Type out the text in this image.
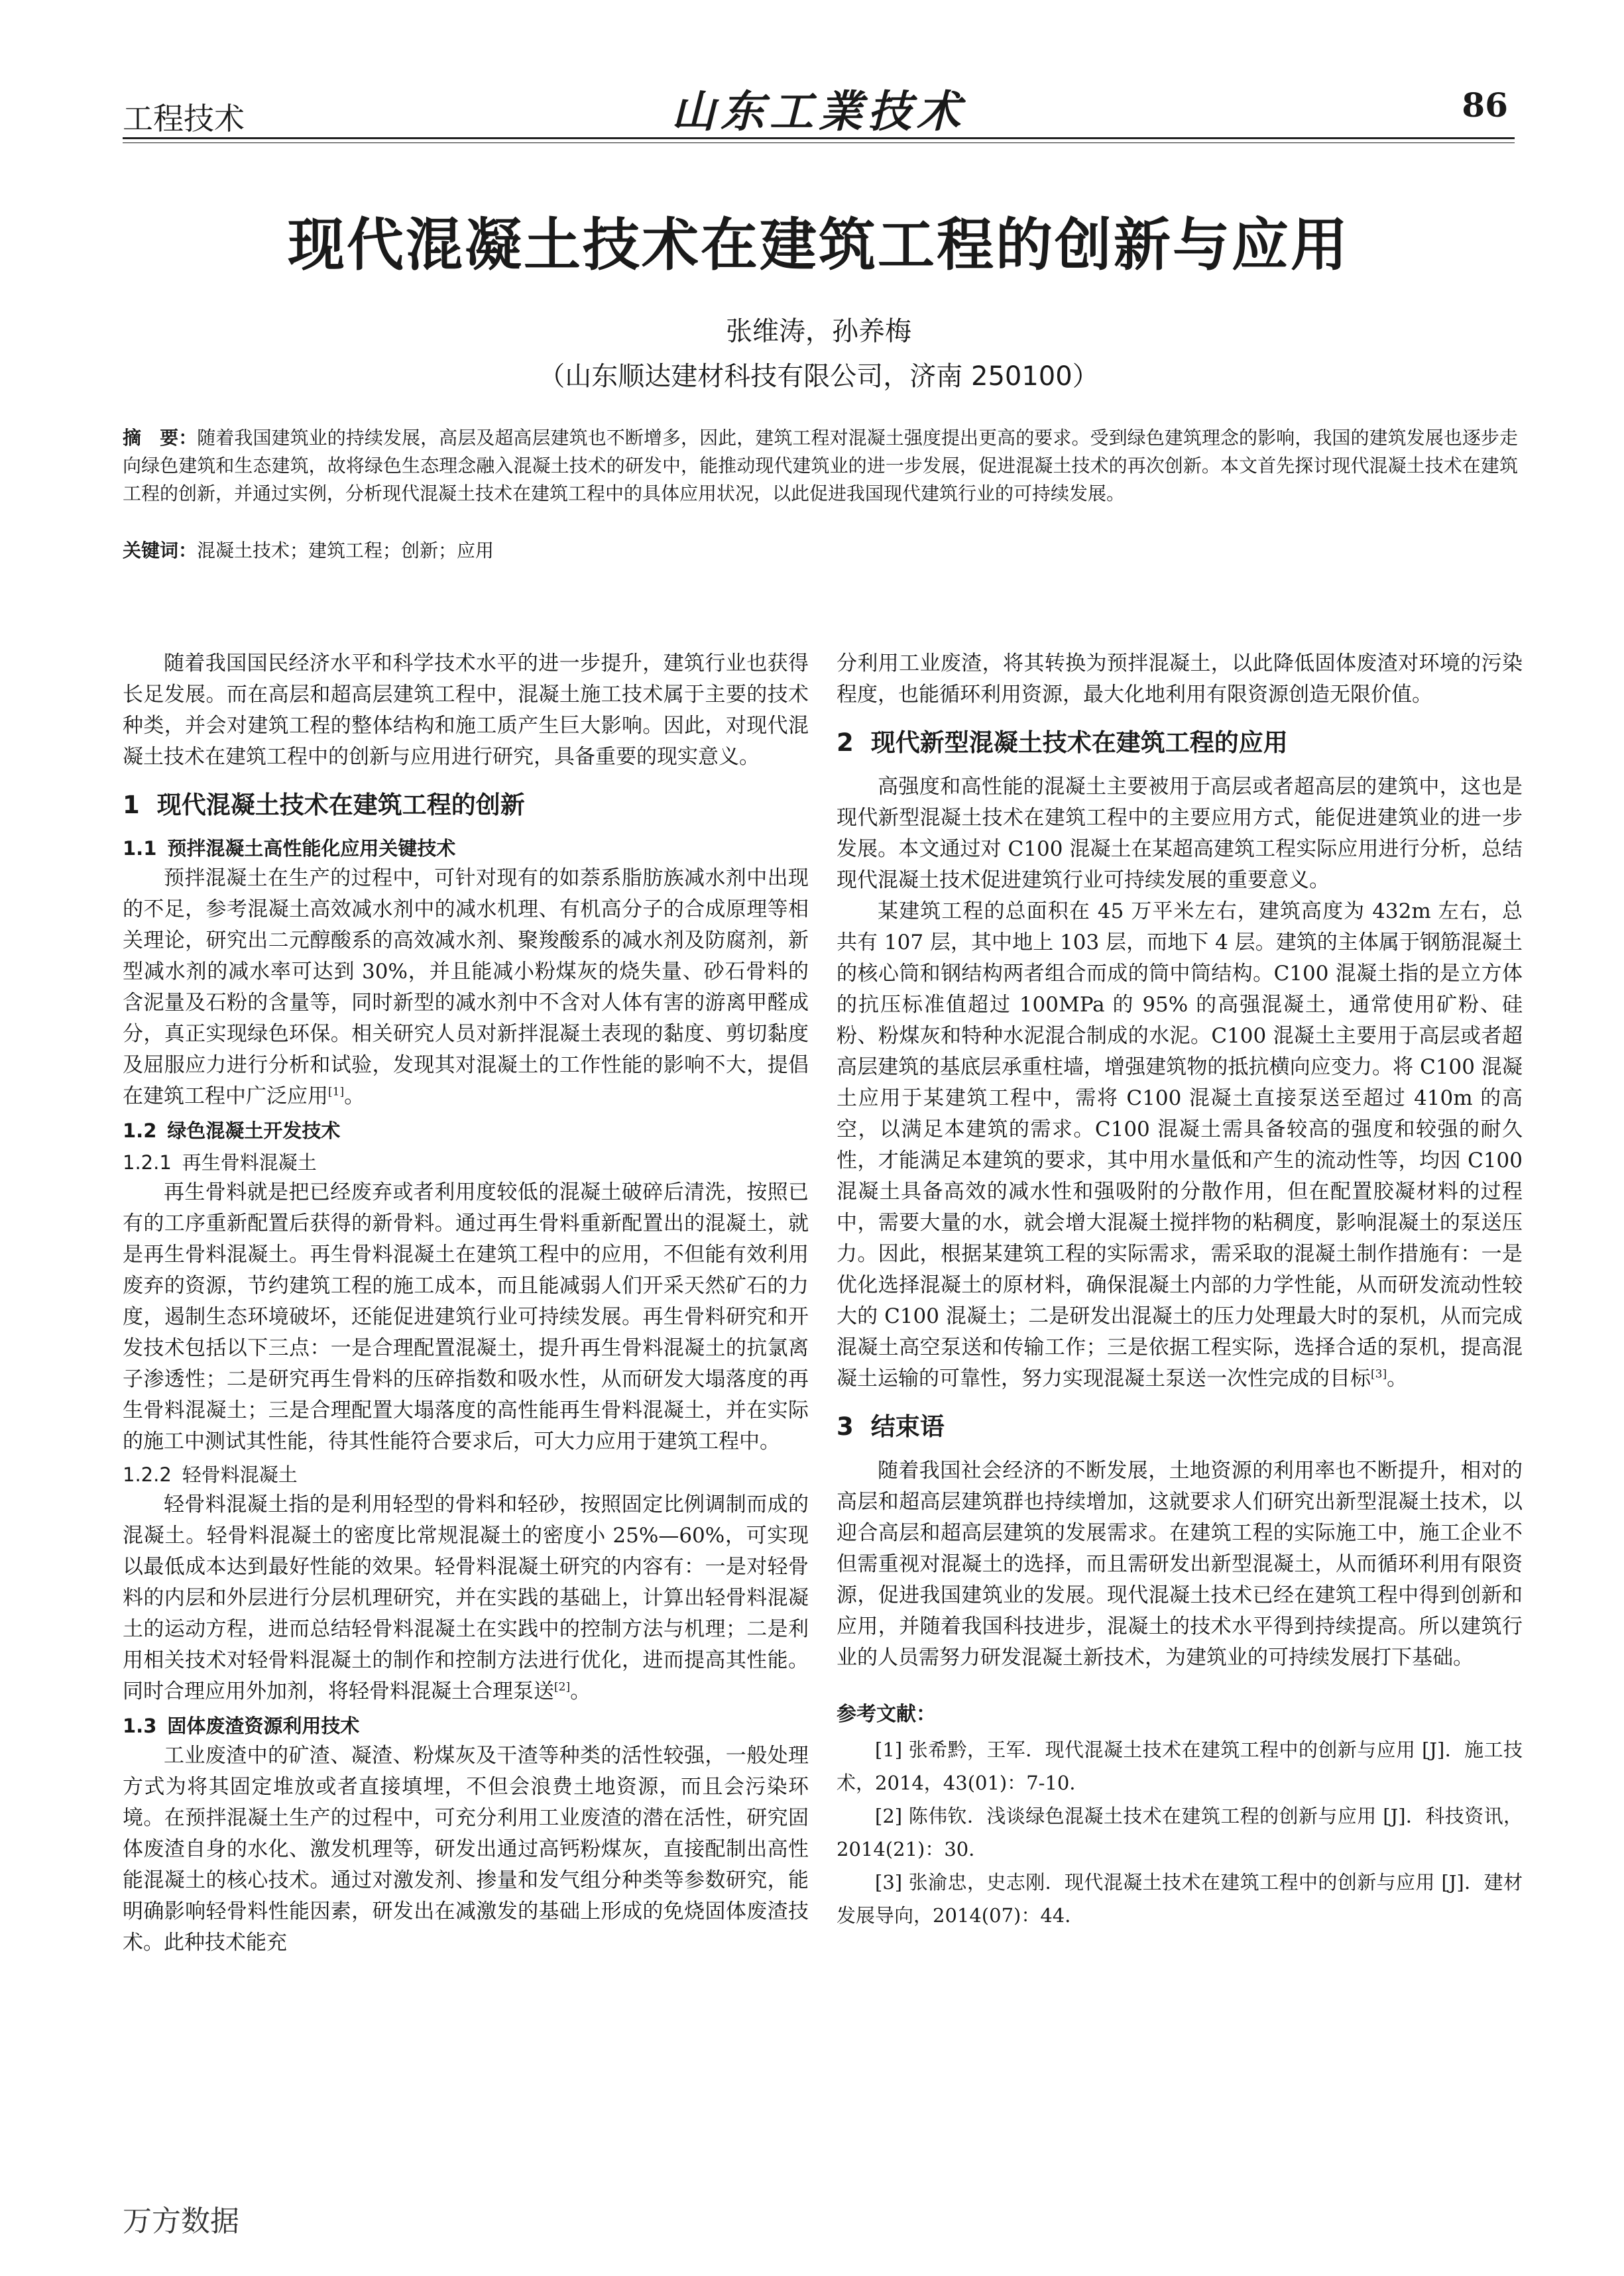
工程技术	山东工業技术	86
现代混凝土技术在建筑工程的创新与应用
张维涛，孙养梅
（山东顺达建材科技有限公司，济南 250100）
摘　要：随着我国建筑业的持续发展，高层及超高层建筑也不断增多，因此，建筑工程对混凝土强度提出更高的要求。受到绿色建筑理念的影响，我国的建筑发展也逐步走向绿色建筑和生态建筑，故将绿色生态理念融入混凝土技术的研发中，能推动现代建筑业的进一步发展，促进混凝土技术的再次创新。本文首先探讨现代混凝土技术在建筑工程的创新，并通过实例，分析现代混凝土技术在建筑工程中的具体应用状况，以此促进我国现代建筑行业的可持续发展。
关键词：混凝土技术；建筑工程；创新；应用

随着我国国民经济水平和科学技术水平的进一步提升，建筑行业也获得长足发展。而在高层和超高层建筑工程中，混凝土施工技术属于主要的技术种类，并会对建筑工程的整体结构和施工质产生巨大影响。因此，对现代混凝土技术在建筑工程中的创新与应用进行研究，具备重要的现实意义。

1 现代混凝土技术在建筑工程的创新
1.1 预拌混凝土高性能化应用关键技术

预拌混凝土在生产的过程中，可针对现有的如萘系脂肪族减水剂中出现的不足，参考混凝土高效减水剂中的减水机理、有机高分子的合成原理等相关理论，研究出二元醇酸系的高效减水剂、聚羧酸系的减水剂及防腐剂，新型减水剂的减水率可达到 30%，并且能减小粉煤灰的烧失量、砂石骨料的含泥量及石粉的含量等，同时新型的减水剂中不含对人体有害的游离甲醛成分，真正实现绿色环保。相关研究人员对新拌混凝土表现的黏度、剪切黏度及屈服应力进行分析和试验，发现其对混凝土的工作性能的影响不大，提倡在建筑工程中广泛应用[1]。

1.2 绿色混凝土开发技术
1.2.1 再生骨料混凝土

再生骨料就是把已经废弃或者利用度较低的混凝土破碎后清洗，按照已有的工序重新配置后获得的新骨料。通过再生骨料重新配置出的混凝土，就是再生骨料混凝土。再生骨料混凝土在建筑工程中的应用，不但能有效利用废弃的资源，节约建筑工程的施工成本，而且能减弱人们开采天然矿石的力度，遏制生态环境破坏，还能促进建筑行业可持续发展。再生骨料研究和开发技术包括以下三点：一是合理配置混凝土，提升再生骨料混凝土的抗氯离子渗透性；二是研究再生骨料的压碎指数和吸水性，从而研发大塌落度的再生骨料混凝土；三是合理配置大塌落度的高性能再生骨料混凝土，并在实际的施工中测试其性能，待其性能符合要求后，可大力应用于建筑工程中。

1.2.2 轻骨料混凝土

轻骨料混凝土指的是利用轻型的骨料和轻砂，按照固定比例调制而成的混凝土。轻骨料混凝土的密度比常规混凝土的密度小 25%—60%，可实现以最低成本达到最好性能的效果。轻骨料混凝土研究的内容有：一是对轻骨料的内层和外层进行分层机理研究，并在实践的基础上，计算出轻骨料混凝土的运动方程，进而总结轻骨料混凝土在实践中的控制方法与机理；二是利用相关技术对轻骨料混凝土的制作和控制方法进行优化，进而提高其性能。同时合理应用外加剂，将轻骨料混凝土合理泵送[2]。

1.3 固体废渣资源利用技术

工业废渣中的矿渣、凝渣、粉煤灰及干渣等种类的活性较强，一般处理方式为将其固定堆放或者直接填埋，不但会浪费土地资源，而且会污染环境。在预拌混凝土生产的过程中，可充分利用工业废渣的潜在活性，研究固体废渣自身的水化、激发机理等，研发出通过高钙粉煤灰，直接配制出高性能混凝土的核心技术。通过对激发剂、掺量和发气组分种类等参数研究，能明确影响轻骨料性能因素，研发出在减激发的基础上形成的免烧固体废渣技术。此种技术能充

分利用工业废渣，将其转换为预拌混凝土，以此降低固体废渣对环境的污染程度，也能循环利用资源，最大化地利用有限资源创造无限价值。

2 现代新型混凝土技术在建筑工程的应用

高强度和高性能的混凝土主要被用于高层或者超高层的建筑中，这也是现代新型混凝土技术在建筑工程中的主要应用方式，能促进建筑业的进一步发展。本文通过对 C100 混凝土在某超高建筑工程实际应用进行分析，总结现代混凝土技术促进建筑行业可持续发展的重要意义。

某建筑工程的总面积在 45 万平米左右，建筑高度为 432m 左右，总共有 107 层，其中地上 103 层，而地下 4 层。建筑的主体属于钢筋混凝土的核心筒和钢结构两者组合而成的筒中筒结构。C100 混凝土指的是立方体的抗压标准值超过 100MPa 的 95% 的高强混凝土，通常使用矿粉、硅粉、粉煤灰和特种水泥混合制成的水泥。C100 混凝土主要用于高层或者超高层建筑的基底层承重柱墙，增强建筑物的抵抗横向应变力。将 C100 混凝土应用于某建筑工程中，需将 C100 混凝土直接泵送至超过 410m 的高空，以满足本建筑的需求。C100 混凝土需具备较高的强度和较强的耐久性，才能满足本建筑的要求，其中用水量低和产生的流动性等，均因 C100 混凝土具备高效的减水性和强吸附的分散作用，但在配置胶凝材料的过程中，需要大量的水，就会增大混凝土搅拌物的粘稠度，影响混凝土的泵送压力。因此，根据某建筑工程的实际需求，需采取的混凝土制作措施有：一是优化选择混凝土的原材料，确保混凝土内部的力学性能，从而研发流动性较大的 C100 混凝土；二是研发出混凝土的压力处理最大时的泵机，从而完成混凝土高空泵送和传输工作；三是依据工程实际，选择合适的泵机，提高混凝土运输的可靠性，努力实现混凝土泵送一次性完成的目标[3]。

3 结束语

随着我国社会经济的不断发展，土地资源的利用率也不断提升，相对的高层和超高层建筑群也持续增加，这就要求人们研究出新型混凝土技术，以迎合高层和超高层建筑的发展需求。在建筑工程的实际施工中，施工企业不但需重视对混凝土的选择，而且需研发出新型混凝土，从而循环利用有限资源，促进我国建筑业的发展。现代混凝土技术已经在建筑工程中得到创新和应用，并随着我国科技进步，混凝土的技术水平得到持续提高。所以建筑行业的人员需努力研发混凝土新技术，为建筑业的可持续发展打下基础。

参考文献：

[1] 张希黔，王军．现代混凝土技术在建筑工程中的创新与应用 [J]．施工技术，2014，43(01)：7-10．

[2] 陈伟钦．浅谈绿色混凝土技术在建筑工程的创新与应用 [J]．科技资讯，2014(21)：30．

[3] 张渝忠，史志刚．现代混凝土技术在建筑工程中的创新与应用 [J]．建材发展导向，2014(07)：44．

万方数据
